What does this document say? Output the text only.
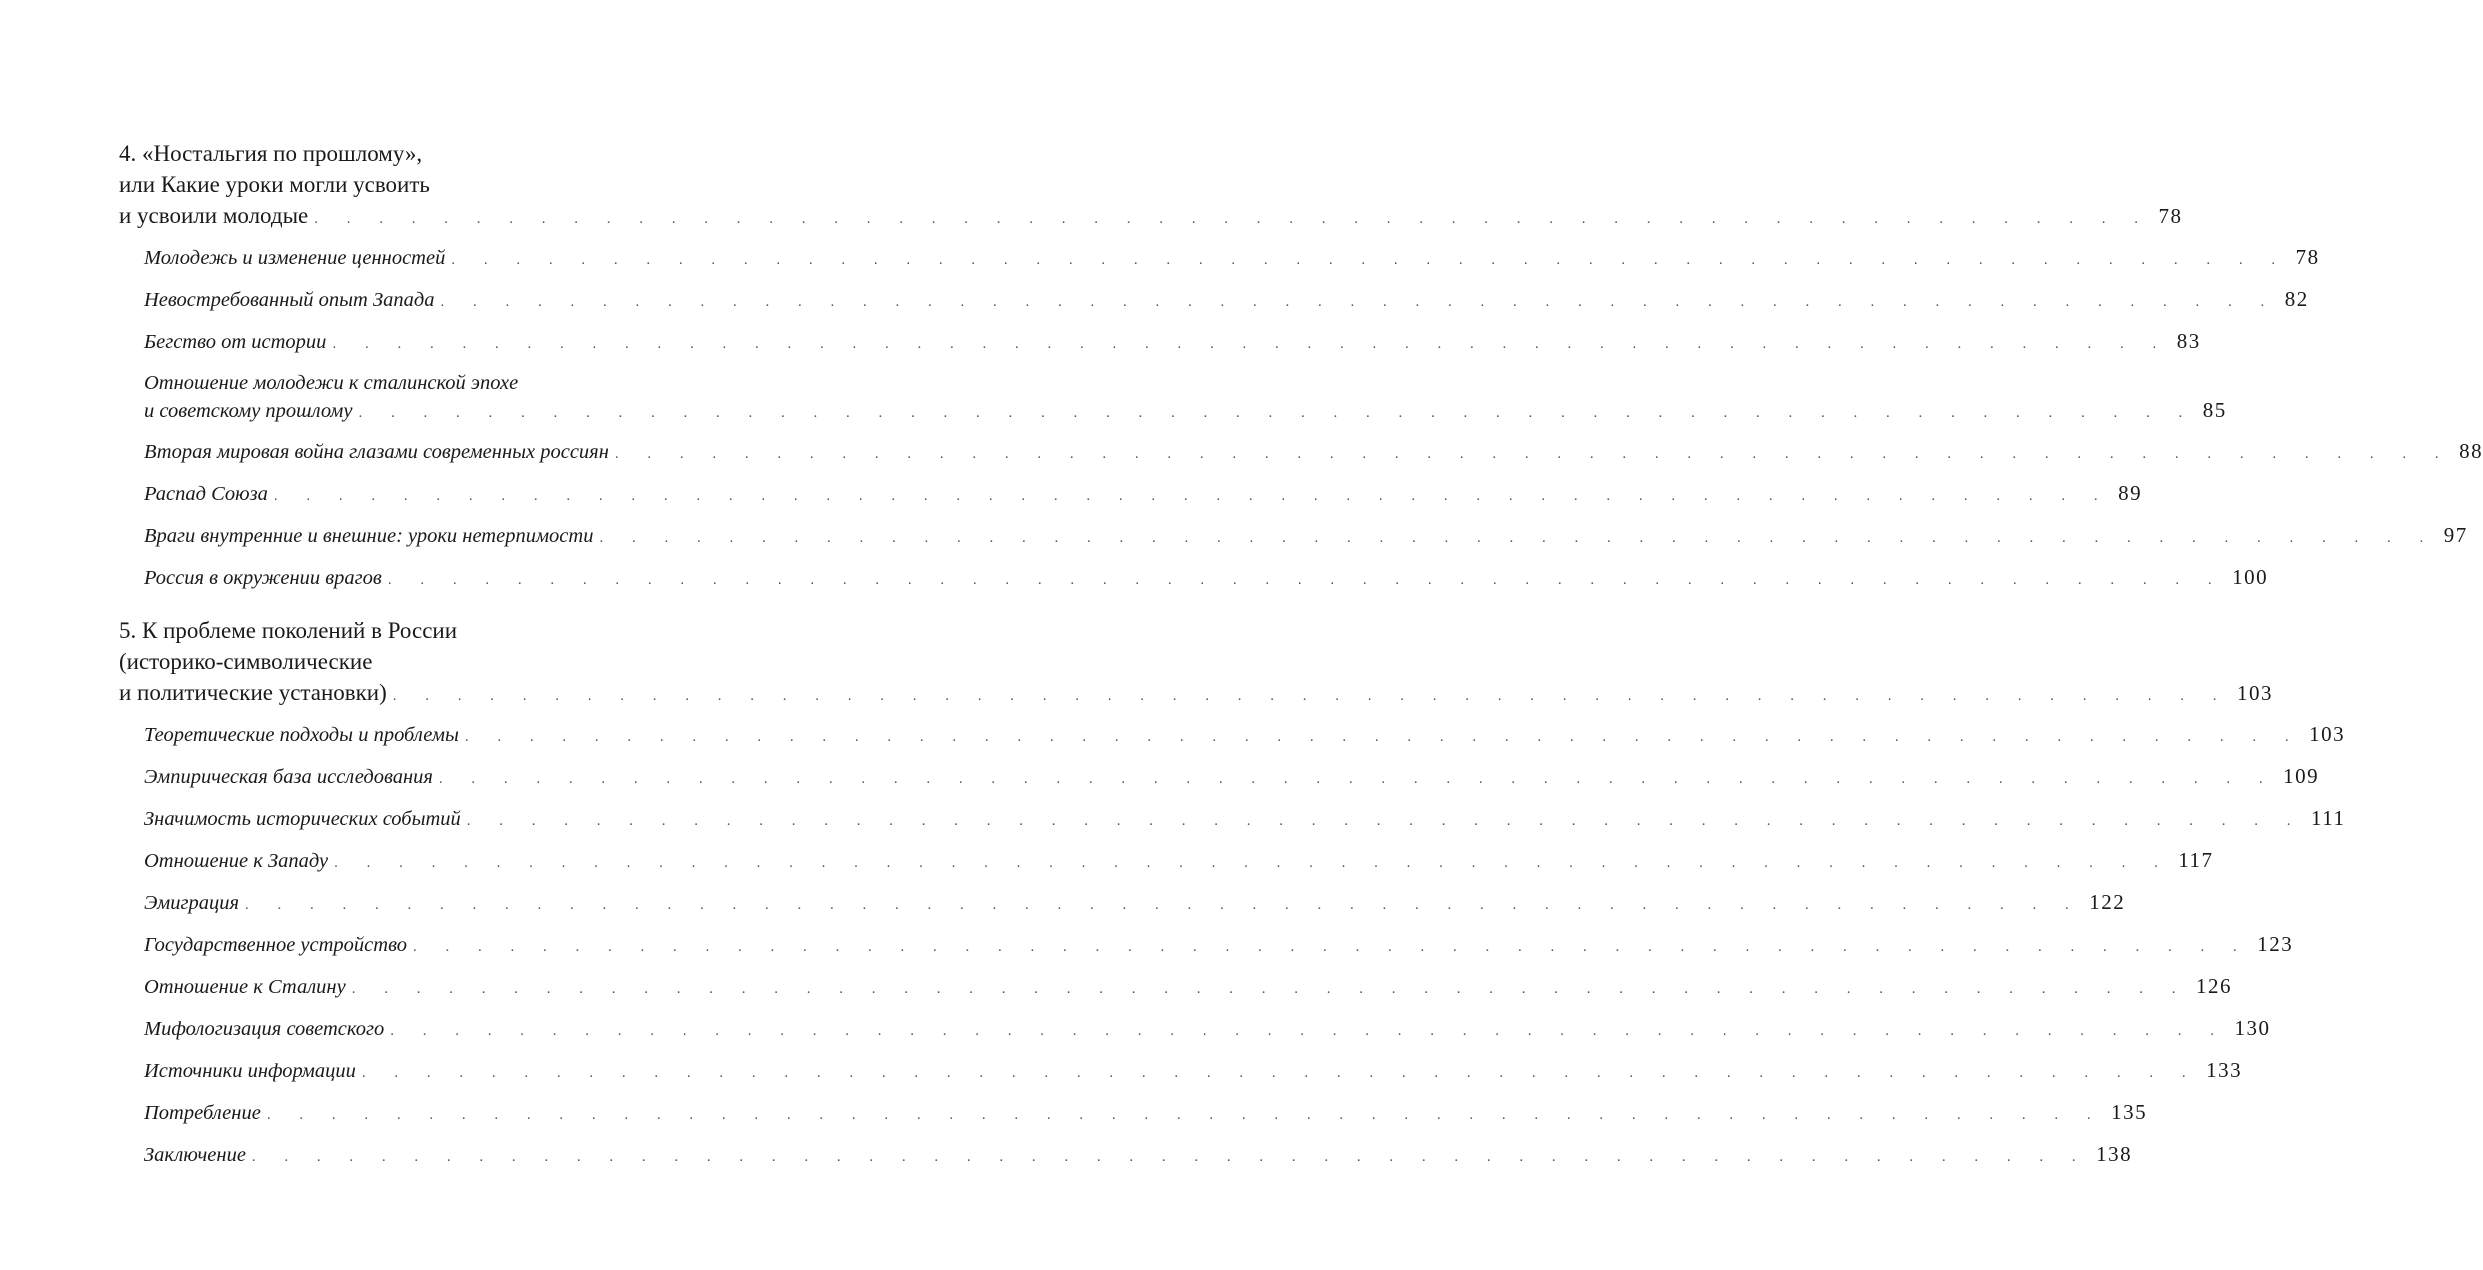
4. «Ностальгия по прошлому»,
или Какие уроки могли усвоить
и усвоили молодые . . . . . . . . . . . . . . . . . . . . . . . . . . . . . . . . . . . . . . . . . . . . . . . . . . . . . . . . . 78
Молодежь и изменение ценностей . . . . . . . . . . . . . . . . . . . . . . . . . . . . . . . . . . . . . . . . . . . . . . . . . . . . . . . . . 78
Невостребованный опыт Запада . . . . . . . . . . . . . . . . . . . . . . . . . . . . . . . . . . . . . . . . . . . . . . . . . . . . . . . . . 82
Бегство от истории . . . . . . . . . . . . . . . . . . . . . . . . . . . . . . . . . . . . . . . . . . . . . . . . . . . . . . . . . 83
Отношение молодежи к сталинской эпохе
и советскому прошлому . . . . . . . . . . . . . . . . . . . . . . . . . . . . . . . . . . . . . . . . . . . . . . . . . . . . . . . . . 85
Вторая мировая война глазами современных россиян . . . . . . . . . . . . . . . . . . . . . . . . . . . . . . . . . . . . . . . . . . . . . . . . . . . . . . . . . 88
Распад Союза . . . . . . . . . . . . . . . . . . . . . . . . . . . . . . . . . . . . . . . . . . . . . . . . . . . . . . . . . 89
Враги внутренние и внешние: уроки нетерпимости . . . . . . . . . . . . . . . . . . . . . . . . . . . . . . . . . . . . . . . . . . . . . . . . . . . . . . . . . 97
Россия в окружении врагов . . . . . . . . . . . . . . . . . . . . . . . . . . . . . . . . . . . . . . . . . . . . . . . . . . . . . . . . . 100
5. К проблеме поколений в России
(историко-символические
и политические установки) . . . . . . . . . . . . . . . . . . . . . . . . . . . . . . . . . . . . . . . . . . . . . . . . . . . . . . . . . 103
Теоретические подходы и проблемы . . . . . . . . . . . . . . . . . . . . . . . . . . . . . . . . . . . . . . . . . . . . . . . . . . . . . . . . . 103
Эмпирическая база исследования . . . . . . . . . . . . . . . . . . . . . . . . . . . . . . . . . . . . . . . . . . . . . . . . . . . . . . . . . 109
Значимость исторических событий . . . . . . . . . . . . . . . . . . . . . . . . . . . . . . . . . . . . . . . . . . . . . . . . . . . . . . . . . 111
Отношение к Западу . . . . . . . . . . . . . . . . . . . . . . . . . . . . . . . . . . . . . . . . . . . . . . . . . . . . . . . . . 117
Эмиграция . . . . . . . . . . . . . . . . . . . . . . . . . . . . . . . . . . . . . . . . . . . . . . . . . . . . . . . . . 122
Государственное устройство . . . . . . . . . . . . . . . . . . . . . . . . . . . . . . . . . . . . . . . . . . . . . . . . . . . . . . . . . 123
Отношение к Сталину . . . . . . . . . . . . . . . . . . . . . . . . . . . . . . . . . . . . . . . . . . . . . . . . . . . . . . . . . 126
Мифологизация советского . . . . . . . . . . . . . . . . . . . . . . . . . . . . . . . . . . . . . . . . . . . . . . . . . . . . . . . . . 130
Источники информации . . . . . . . . . . . . . . . . . . . . . . . . . . . . . . . . . . . . . . . . . . . . . . . . . . . . . . . . . 133
Потребление . . . . . . . . . . . . . . . . . . . . . . . . . . . . . . . . . . . . . . . . . . . . . . . . . . . . . . . . . 135
Заключение . . . . . . . . . . . . . . . . . . . . . . . . . . . . . . . . . . . . . . . . . . . . . . . . . . . . . . . . . 138
